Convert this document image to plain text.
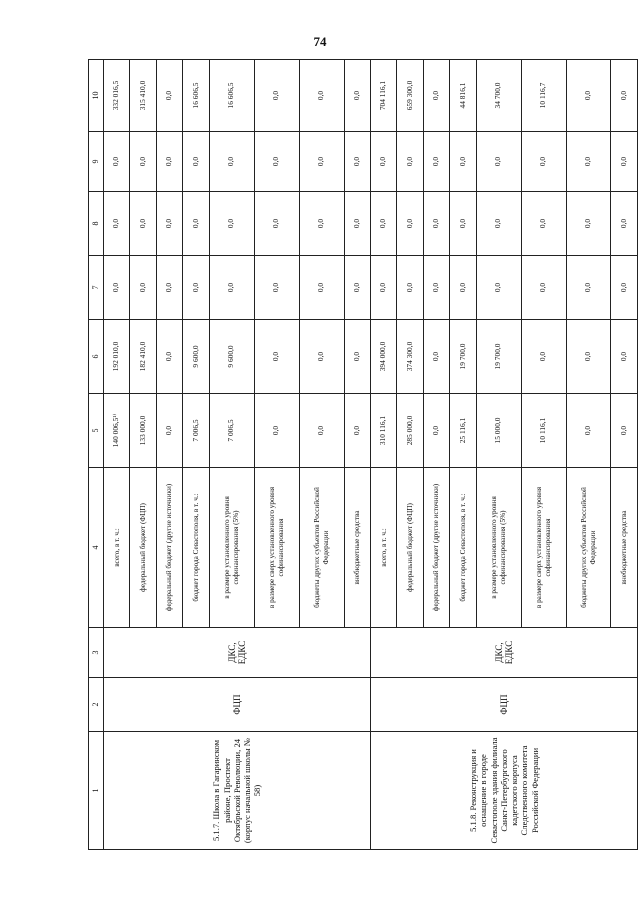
74
1	2	3	4	5	6	7	8	9	10
5.1.7. Школа в Гагаринском районе, Проспект Октябрьской Революции, 24 (корпус начальной школы № 58)	ФЦП	ДКС, ЕДКС	всего, в т. ч.:	140 006,5¹⁾	192 010,0	0,0	0,0	0,0	332 016,5
			федеральный бюджет (ФЦП)	133 000,0	182 410,0	0,0	0,0	0,0	315 410,0
			федеральный бюджет (другие источники)	0,0	0,0	0,0	0,0	0,0	0,0
			бюджет города Севастополя, в т. ч.:	7 006,5	9 600,0	0,0	0,0	0,0	16 606,5
			в размере установленного уровня софинансирования (5%)	7 006,5	9 600,0	0,0	0,0	0,0	16 606,5
			в размере сверх установленного уровня софинансирования	0,0	0,0	0,0	0,0	0,0	0,0
			бюджеты других субъектов Российской Федерации	0,0	0,0	0,0	0,0	0,0	0,0
			внебюджетные средства	0,0	0,0	0,0	0,0	0,0	0,0
5.1.8. Реконструкция и оснащение в городе Севастополе здания филиала Санкт-Петербургского кадетского корпуса Следственного комитета Российской Федерации	ФЦП	ДКС, ЕДКС	всего, в т. ч.:	310 116,1	394 000,0	0,0	0,0	0,0	704 116,1
			федеральный бюджет (ФЦП)	285 000,0	374 300,0	0,0	0,0	0,0	659 300,0
			федеральный бюджет (другие источники)	0,0	0,0	0,0	0,0	0,0	0,0
			бюджет города Севастополя, в т. ч.:	25 116,1	19 700,0	0,0	0,0	0,0	44 816,1
			в размере установленного уровня софинансирования (5%)	15 000,0	19 700,0	0,0	0,0	0,0	34 700,0
			в размере сверх установленного уровня софинансирования	10 116,1	0,0	0,0	0,0	0,0	10 116,7
			бюджеты других субъектов Российской Федерации	0,0	0,0	0,0	0,0	0,0	0,0
			внебюджетные средства	0,0	0,0	0,0	0,0	0,0	0,0
